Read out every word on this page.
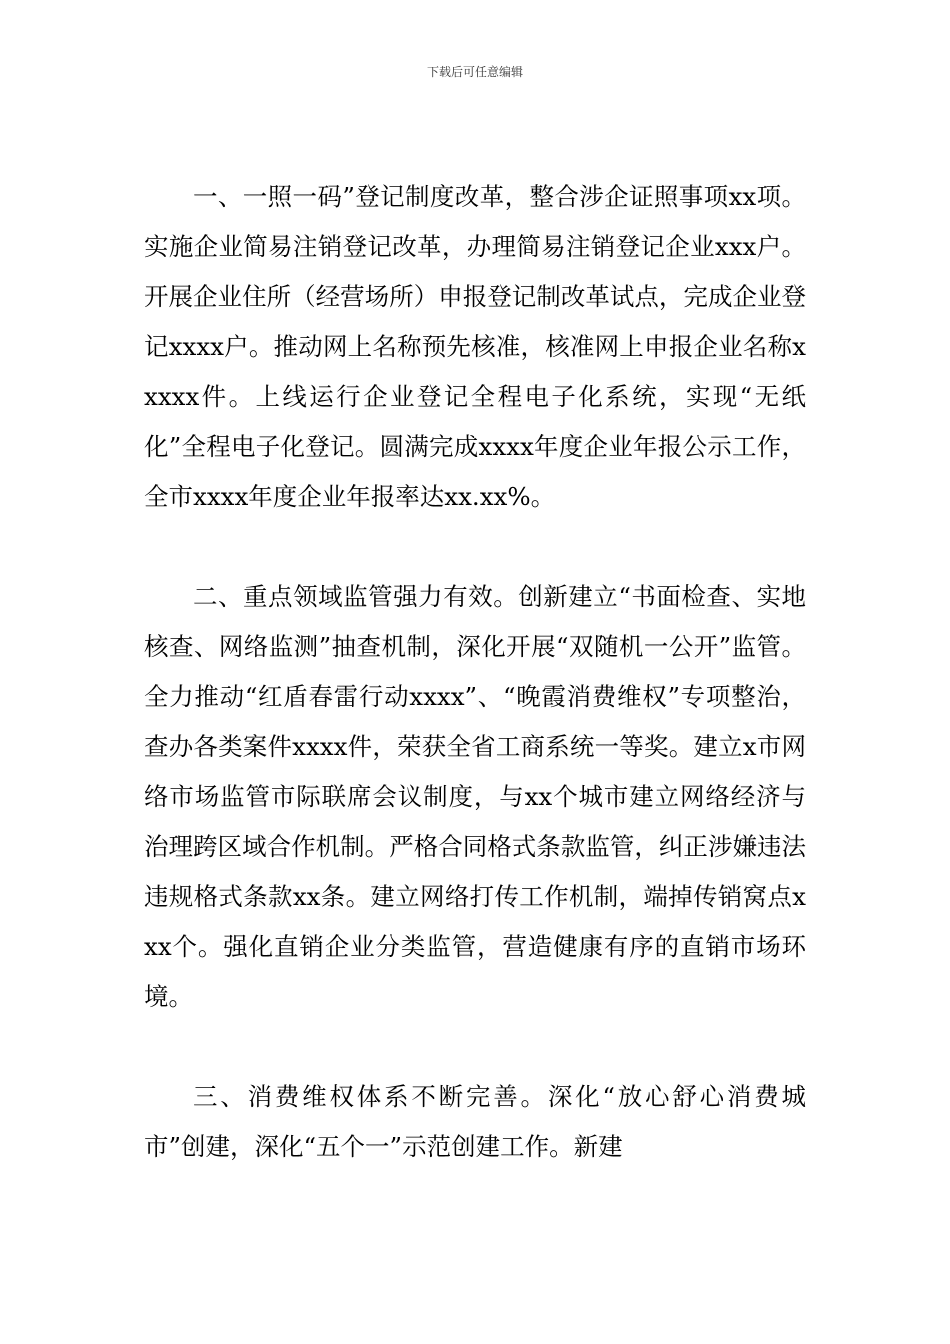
下载后可任意编辑

一、一照一码”登记制度改革，整合涉企证照事项xx项。实施企业简易注销登记改革，办理简易注销登记企业xxx户。开展企业住所（经营场所）申报登记制改革试点，完成企业登记xxxx户。推动网上名称预先核准，核准网上申报企业名称xxxxx件。上线运行企业登记全程电子化系统，实现“无纸化”全程电子化登记。圆满完成xxxx年度企业年报公示工作，全市xxxx年度企业年报率达xx.xx%。

二、重点领域监管强力有效。创新建立“书面检查、实地核查、网络监测”抽查机制，深化开展“双随机一公开”监管。全力推动“红盾春雷行动xxxx”、“晚霞消费维权”专项整治，查办各类案件xxxx件，荣获全省工商系统一等奖。建立x市网络市场监管市际联席会议制度，与xx个城市建立网络经济与治理跨区域合作机制。严格合同格式条款监管，纠正涉嫌违法违规格式条款xx条。建立网络打传工作机制，端掉传销窝点xxx个。强化直销企业分类监管，营造健康有序的直销市场环境。

三、消费维权体系不断完善。深化“放心舒心消费城市”创建，深化“五个一”示范创建工作。新建
